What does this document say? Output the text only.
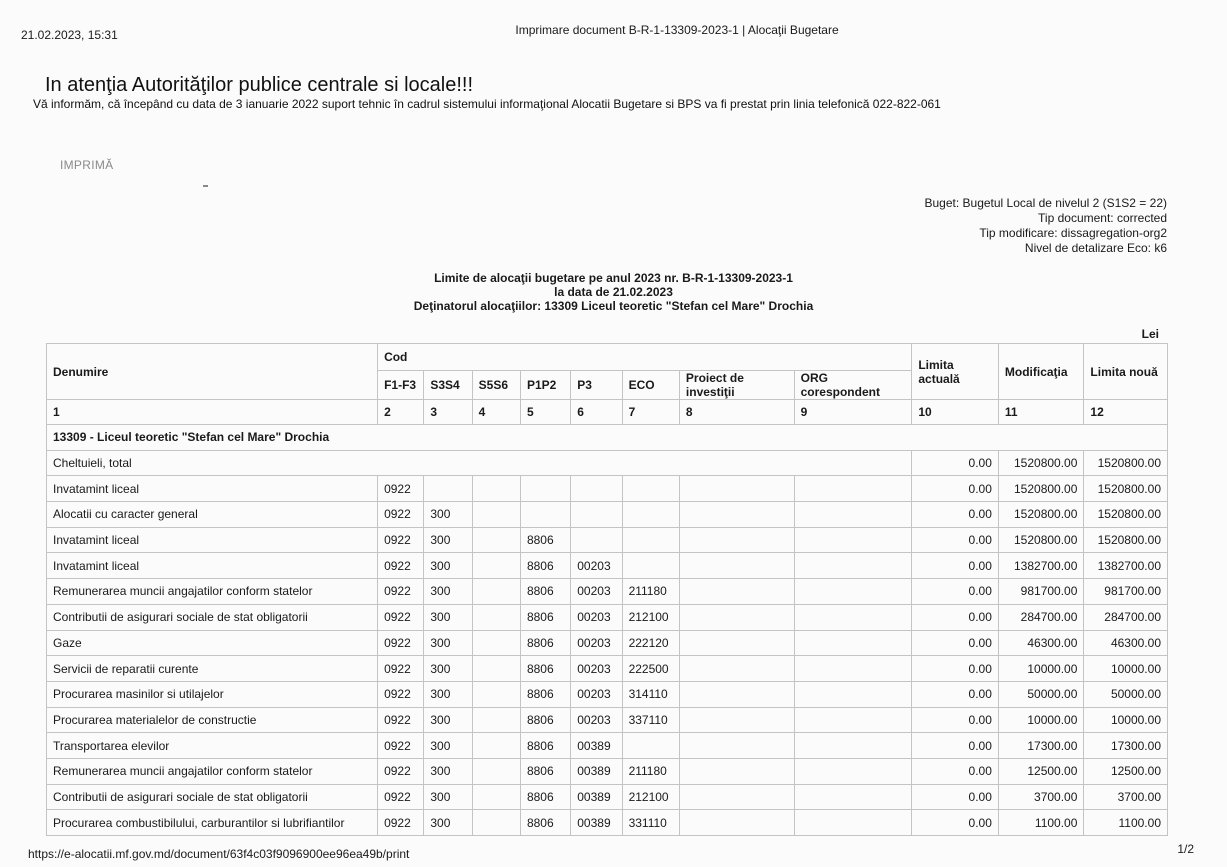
21.02.2023, 15:31	Imprimare document B-R-1-13309-2023-1 | Alocaţii Bugetare
In atenţia Autorităţilor publice centrale si locale!!!

Vă informăm, că începând cu data de 3 ianuarie 2022 suport tehnic în cadrul sistemului informaţional Alocatii Bugetare si BPS va fi prestat prin linia telefonică 022-822-061

IMPRIMĂ
Buget: Bugetul Local de nivelul 2 (S1S2 = 22)
Tip document: corrected
Tip modificare: dissagregation-org2
Nivel de detalizare Eco: k6
Limite de alocaţii bugetare pe anul 2023 nr. B-R-1-13309-2023-1
la data de 21.02.2023
Deţinatorul alocaţiilor: 13309 Liceul teoretic "Stefan cel Mare" Drochia
Lei
Denumire	Cod								Limita actuală	Modificaţia	Limita nouă
	F1-F3	S3S4	S5S6	P1P2	P3	ECO	Proiect de investiţii	ORG corespondent			
1	2	3	4	5	6	7	8	9	10	11	12
13309 - Liceul teoretic "Stefan cel Mare" Drochia											
Cheltuieli, total									0.00	1520800.00	1520800.00
Invatamint liceal	0922								0.00	1520800.00	1520800.00
Alocatii cu caracter general	0922	300							0.00	1520800.00	1520800.00
Invatamint liceal	0922	300		8806					0.00	1520800.00	1520800.00
Invatamint liceal	0922	300		8806	00203				0.00	1382700.00	1382700.00
Remunerarea muncii angajatilor conform statelor	0922	300		8806	00203	211180			0.00	981700.00	981700.00
Contributii de asigurari sociale de stat obligatorii	0922	300		8806	00203	212100			0.00	284700.00	284700.00
Gaze	0922	300		8806	00203	222120			0.00	46300.00	46300.00
Servicii de reparatii curente	0922	300		8806	00203	222500			0.00	10000.00	10000.00
Procurarea masinilor si utilajelor	0922	300		8806	00203	314110			0.00	50000.00	50000.00
Procurarea materialelor de constructie	0922	300		8806	00203	337110			0.00	10000.00	10000.00
Transportarea elevilor	0922	300		8806	00389				0.00	17300.00	17300.00
Remunerarea muncii angajatilor conform statelor	0922	300		8806	00389	211180			0.00	12500.00	12500.00
Contributii de asigurari sociale de stat obligatorii	0922	300		8806	00389	212100			0.00	3700.00	3700.00
Procurarea combustibilului, carburantilor si lubrifiantilor	0922	300		8806	00389	331110			0.00	1100.00	1100.00
https://e-alocatii.mf.gov.md/document/63f4c03f9096900ee96ea49b/print	1/2
